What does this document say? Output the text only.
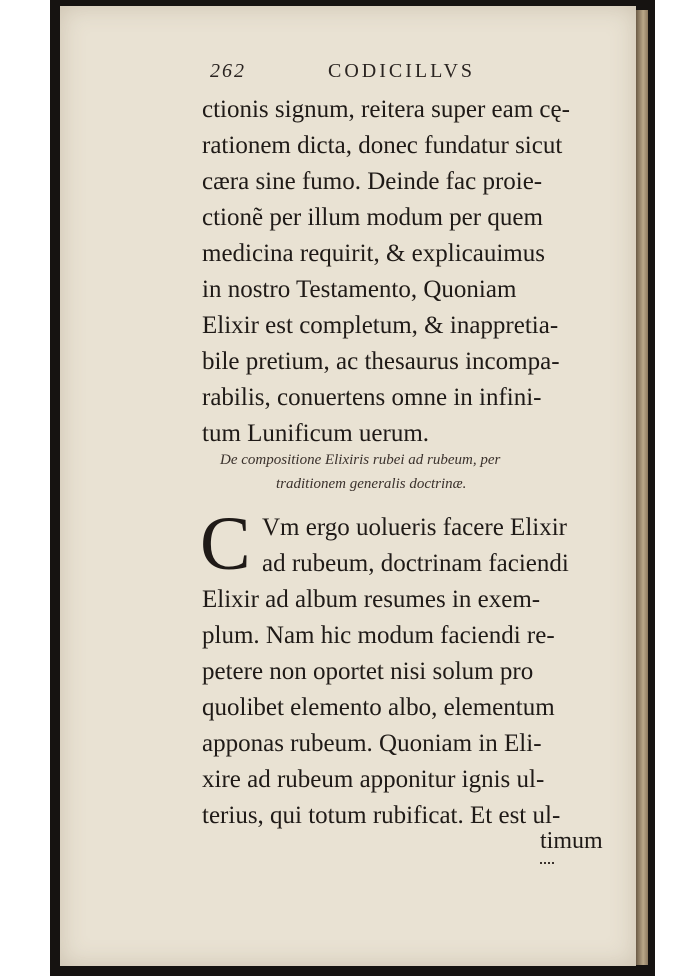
262	CODICILLVS
ctionis signum, reitera super eam cę-
rationem dicta, donec fundatur sicut
cæra sine fumo. Deinde fac proie-
ctionẽ per illum modum per quem
medicina requirit, & explicauimus
in nostro Testamento, Quoniam
Elixir est completum, & inappretia-
bile pretium, ac thesaurus incompa-
rabilis, conuertens omne in infini-
tum Lunificum uerum.
De compositione Elixiris rubei ad rubeum, per
traditionem generalis doctrinæ.
C Vm ergo uolueris facere Elixir
ad rubeum, doctrinam faciendi
Elixir ad album resumes in exem-
plum. Nam hic modum faciendi re-
petere non oportet nisi solum pro
quolibet elemento albo, elementum
apponas rubeum. Quoniam in Eli-
xire ad rubeum apponitur ignis ul-
terius, qui totum rubificat. Et est ul-
timum
